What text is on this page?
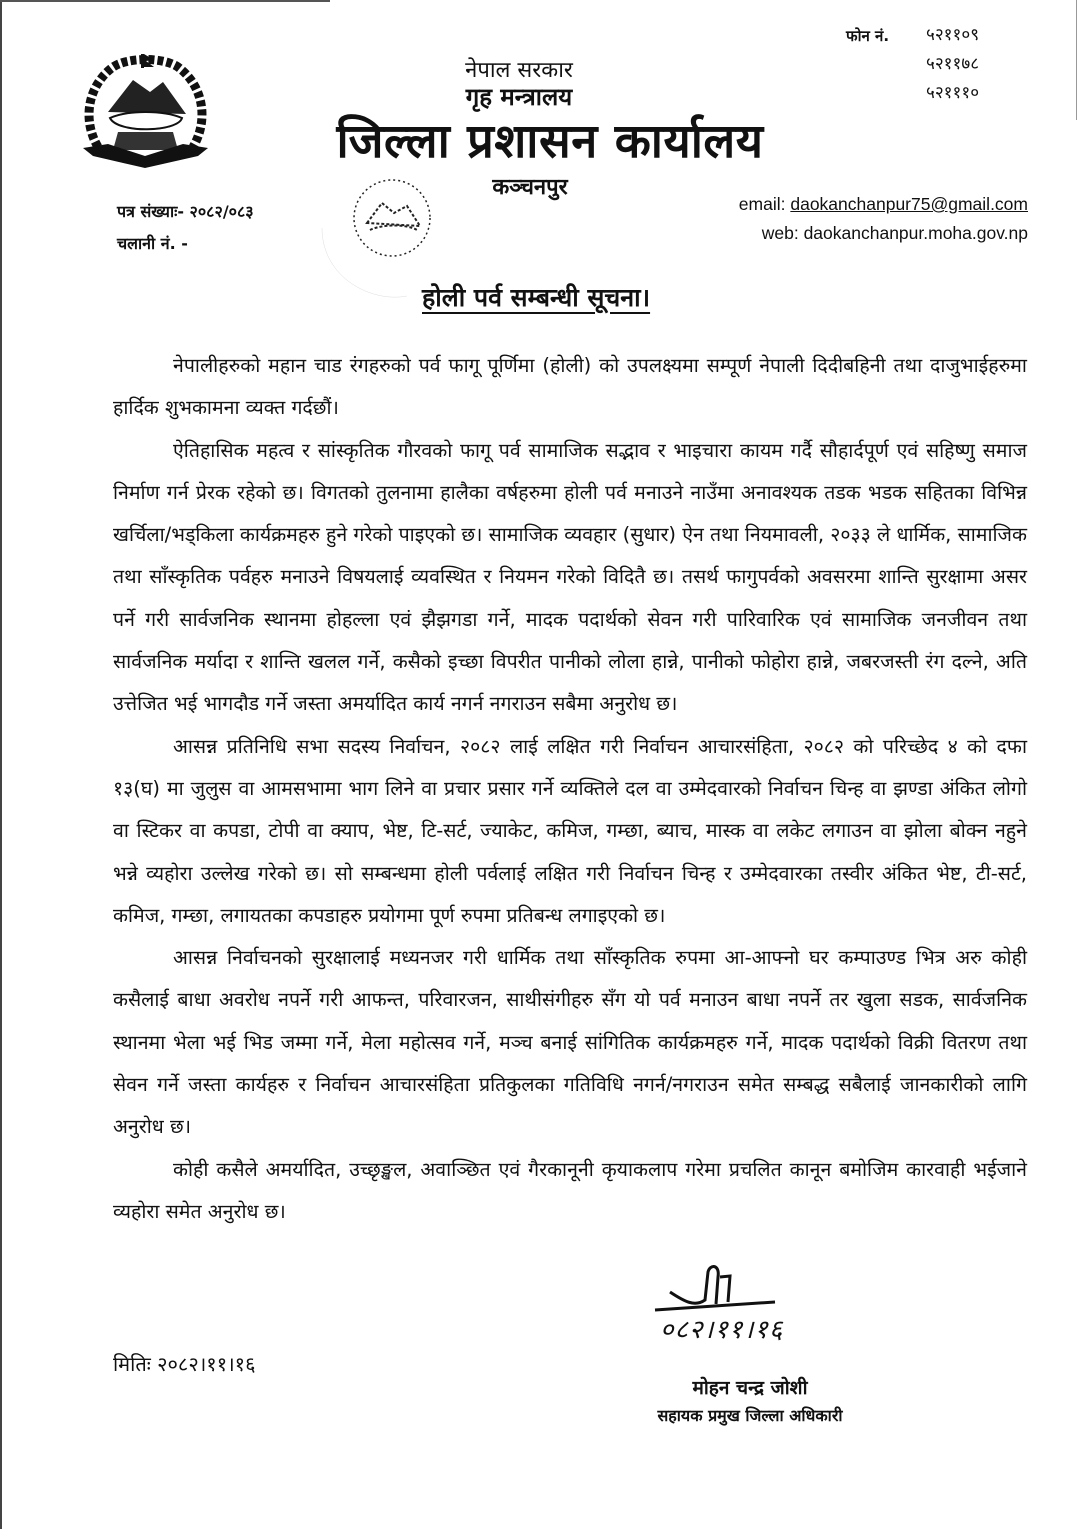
नेपाल सरकार
गृह मन्त्रालय
जिल्ला प्रशासन कार्यालय
कञ्चनपुर
फोन नं. ५२११०९
५२११७८
५२१११०
email: daokanchanpur75@gmail.com
web: daokanchanpur.moha.gov.np
पत्र संख्याः- २०८२/०८३
चलानी नं. -
होली पर्व सम्बन्धी सूचना।

नेपालीहरुको महान चाड रंगहरुको पर्व फागू पूर्णिमा (होली) को उपलक्ष्यमा सम्पूर्ण नेपाली दिदीबहिनी तथा दाजुभाईहरुमा हार्दिक शुभकामना व्यक्त गर्दछौं।

ऐतिहासिक महत्व र सांस्कृतिक गौरवको फागू पर्व सामाजिक सद्भाव र भाइचारा कायम गर्दै सौहार्दपूर्ण एवं सहिष्णु समाज निर्माण गर्न प्रेरक रहेको छ। विगतको तुलनामा हालैका वर्षहरुमा होली पर्व मनाउने नाउँमा अनावश्यक तडक भडक सहितका विभिन्न खर्चिला/भड्किला कार्यक्रमहरु हुने गरेको पाइएको छ। सामाजिक व्यवहार (सुधार) ऐन तथा नियमावली, २०३३ ले धार्मिक, सामाजिक तथा साँस्कृतिक पर्वहरु मनाउने विषयलाई व्यवस्थित र नियमन गरेको विदितै छ। तसर्थ फागुपर्वको अवसरमा शान्ति सुरक्षामा असर पर्ने गरी सार्वजनिक स्थानमा होहल्ला एवं झैझगडा गर्ने, मादक पदार्थको सेवन गरी पारिवारिक एवं सामाजिक जनजीवन तथा सार्वजनिक मर्यादा र शान्ति खलल गर्ने, कसैको इच्छा विपरीत पानीको लोला हान्ने, पानीको फोहोरा हान्ने, जबरजस्ती रंग दल्ने, अति उत्तेजित भई भागदौड गर्ने जस्ता अमर्यादित कार्य नगर्न नगराउन सबैमा अनुरोध छ।

आसन्न प्रतिनिधि सभा सदस्य निर्वाचन, २०८२ लाई लक्षित गरी निर्वाचन आचारसंहिता, २०८२ को परिच्छेद ४ को दफा १३(घ) मा जुलुस वा आमसभामा भाग लिने वा प्रचार प्रसार गर्ने व्यक्तिले दल वा उम्मेदवारको निर्वाचन चिन्ह वा झण्डा अंकित लोगो वा स्टिकर वा कपडा, टोपी वा क्याप, भेष्ट, टि-सर्ट, ज्याकेट, कमिज, गम्छा, ब्याच, मास्क वा लकेट लगाउन वा झोला बोक्न नहुने भन्ने व्यहोरा उल्लेख गरेको छ। सो सम्बन्धमा होली पर्वलाई लक्षित गरी निर्वाचन चिन्ह र उम्मेदवारका तस्वीर अंकित भेष्ट, टी-सर्ट, कमिज, गम्छा, लगायतका कपडाहरु प्रयोगमा पूर्ण रुपमा प्रतिबन्ध लगाइएको छ।

आसन्न निर्वाचनको सुरक्षालाई मध्यनजर गरी धार्मिक तथा साँस्कृतिक रुपमा आ-आफ्नो घर कम्पाउण्ड भित्र अरु कोही कसैलाई बाधा अवरोध नपर्ने गरी आफन्त, परिवारजन, साथीसंगीहरु सँग यो पर्व मनाउन बाधा नपर्ने तर खुला सडक, सार्वजनिक स्थानमा भेला भई भिड जम्मा गर्ने, मेला महोत्सव गर्ने, मञ्च बनाई सांगितिक कार्यक्रमहरु गर्ने, मादक पदार्थको विक्री वितरण तथा सेवन गर्ने जस्ता कार्यहरु र निर्वाचन आचारसंहिता प्रतिकुलका गतिविधि नगर्न/नगराउन समेत सम्बद्ध सबैलाई जानकारीको लागि अनुरोध छ।

कोही कसैले अमर्यादित, उच्छृङ्खल, अवाञ्छित एवं गैरकानूनी कृयाकलाप गरेमा प्रचलित कानून बमोजिम कारवाही भईजाने व्यहोरा समेत अनुरोध छ।

०८२।११।१६
मितिः २०८२।११।१६
मोहन चन्द्र जोशी
सहायक प्रमुख जिल्ला अधिकारी
